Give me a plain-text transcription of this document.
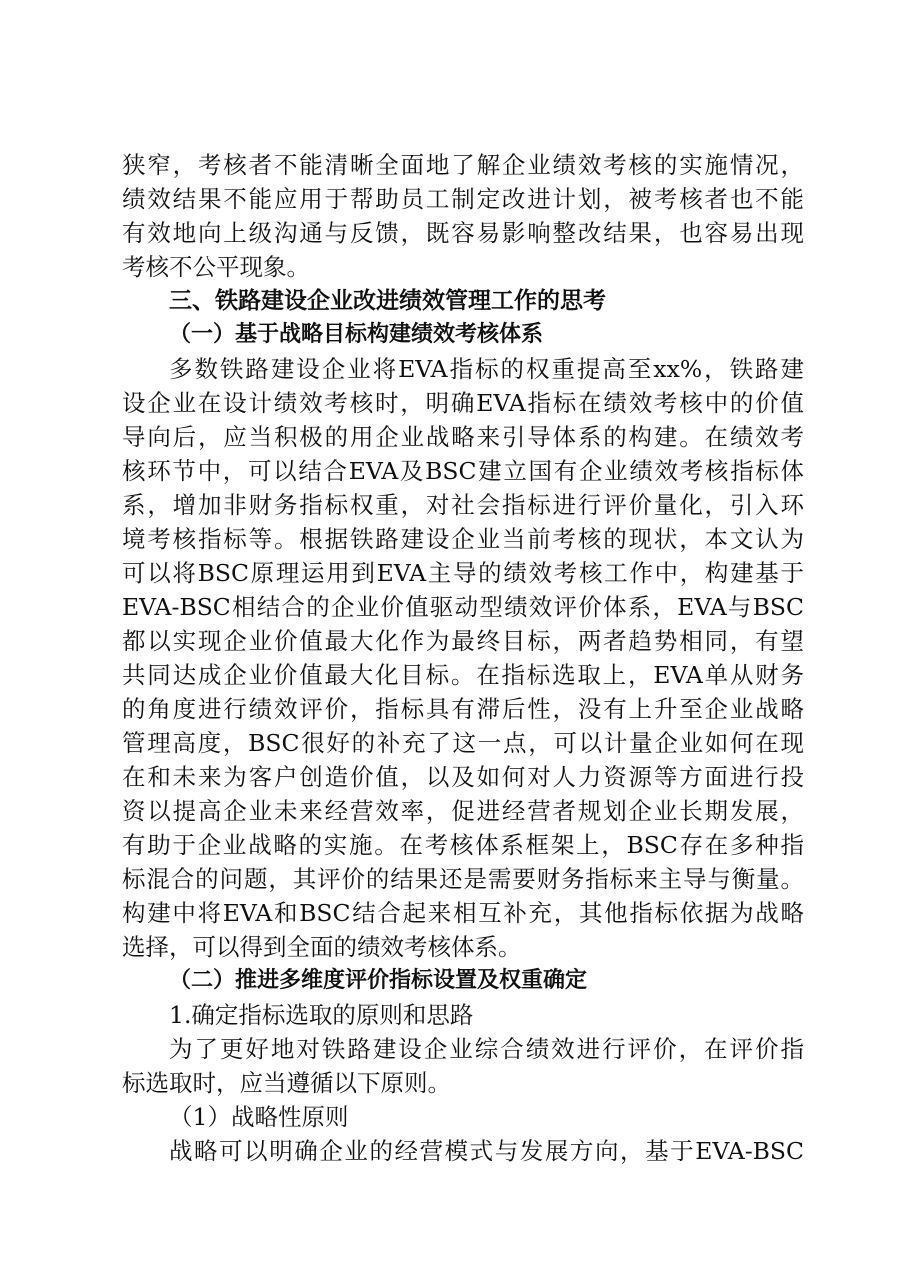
狭窄，考核者不能清晰全面地了解企业绩效考核的实施情况，
绩效结果不能应用于帮助员工制定改进计划，被考核者也不能
有效地向上级沟通与反馈，既容易影响整改结果，也容易出现
考核不公平现象。
三、铁路建设企业改进绩效管理工作的思考
（一）基于战略目标构建绩效考核体系
多数铁路建设企业将EVA指标的权重提高至xx%，铁路建
设企业在设计绩效考核时，明确EVA指标在绩效考核中的价值
导向后，应当积极的用企业战略来引导体系的构建。在绩效考
核环节中，可以结合EVA及BSC建立国有企业绩效考核指标体
系，增加非财务指标权重，对社会指标进行评价量化，引入环
境考核指标等。根据铁路建设企业当前考核的现状，本文认为
可以将BSC原理运用到EVA主导的绩效考核工作中，构建基于
EVA-BSC相结合的企业价值驱动型绩效评价体系，EVA与BSC
都以实现企业价值最大化作为最终目标，两者趋势相同，有望
共同达成企业价值最大化目标。在指标选取上，EVA单从财务
的角度进行绩效评价，指标具有滞后性，没有上升至企业战略
管理高度，BSC很好的补充了这一点，可以计量企业如何在现
在和未来为客户创造价值，以及如何对人力资源等方面进行投
资以提高企业未来经营效率，促进经营者规划企业长期发展，
有助于企业战略的实施。在考核体系框架上，BSC存在多种指
标混合的问题，其评价的结果还是需要财务指标来主导与衡量。
构建中将EVA和BSC结合起来相互补充，其他指标依据为战略
选择，可以得到全面的绩效考核体系。
（二）推进多维度评价指标设置及权重确定
1.确定指标选取的原则和思路
为了更好地对铁路建设企业综合绩效进行评价，在评价指
标选取时，应当遵循以下原则。
（1）战略性原则
战略可以明确企业的经营模式与发展方向，基于EVA-BSC
